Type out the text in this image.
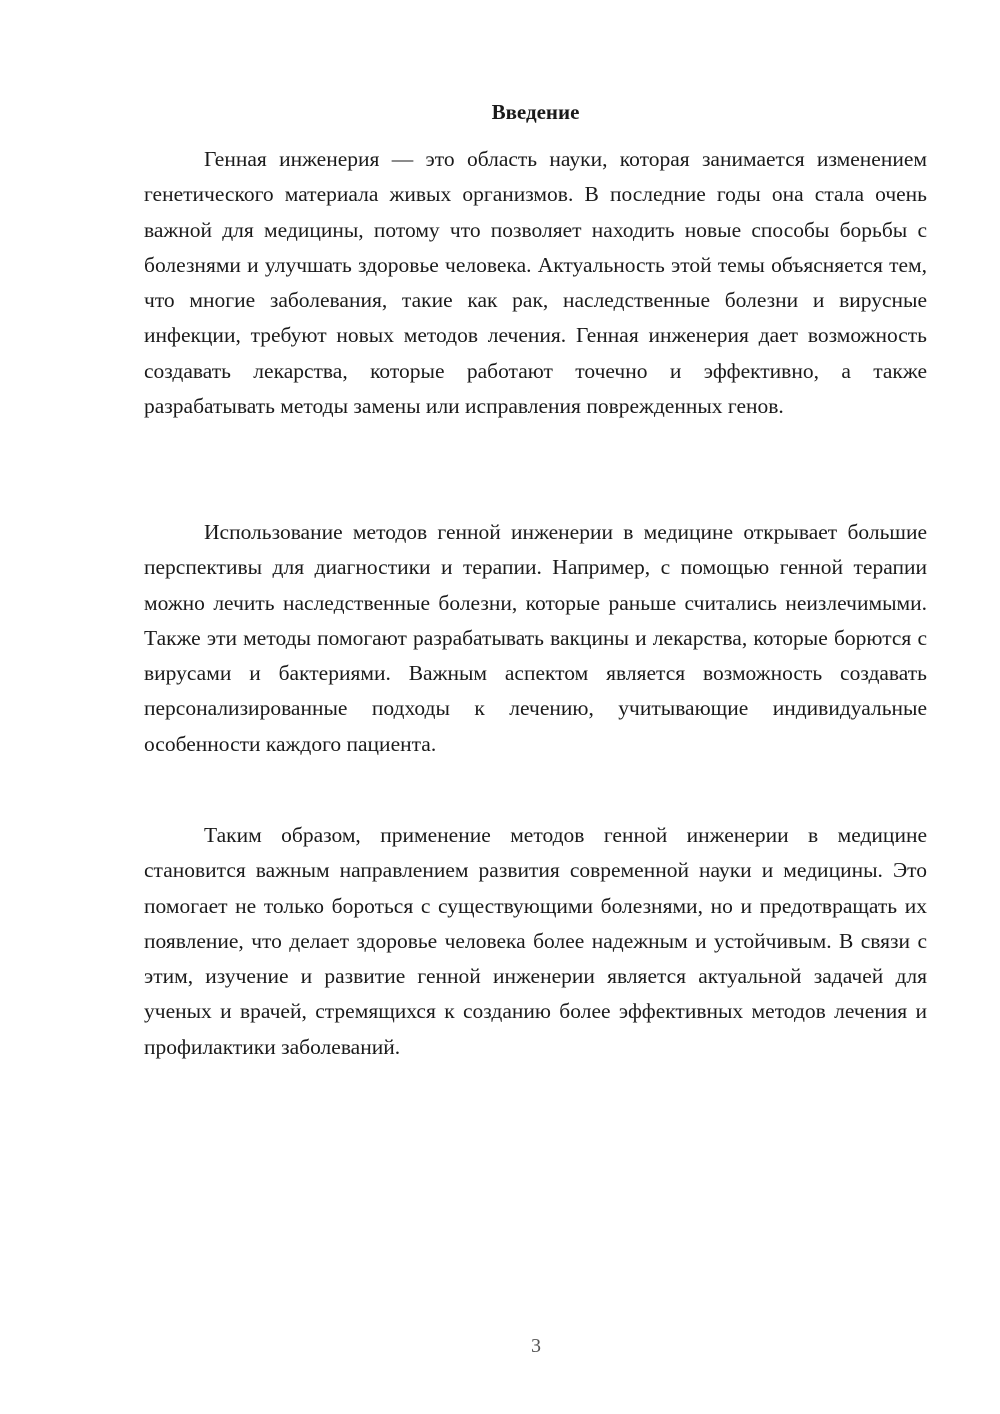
Введение

Генная инженерия — это область науки, которая занимается изменением генетического материала живых организмов. В последние годы она стала очень важной для медицины, потому что позволяет находить новые способы борьбы с болезнями и улучшать здоровье человека. Актуальность этой темы объясняется тем, что многие заболевания, такие как рак, наследственные болезни и вирусные инфекции, требуют новых методов лечения. Генная инженерия дает возможность создавать лекарства, которые работают точечно и эффективно, а также разрабатывать методы замены или исправления поврежденных генов.

Использование методов генной инженерии в медицине открывает большие перспективы для диагностики и терапии. Например, с помощью генной терапии можно лечить наследственные болезни, которые раньше считались неизлечимыми. Также эти методы помогают разрабатывать вакцины и лекарства, которые борются с вирусами и бактериями. Важным аспектом является возможность создавать персонализированные подходы к лечению, учитывающие индивидуальные особенности каждого пациента.

Таким образом, применение методов генной инженерии в медицине становится важным направлением развития современной науки и медицины. Это помогает не только бороться с существующими болезнями, но и предотвращать их появление, что делает здоровье человека более надежным и устойчивым. В связи с этим, изучение и развитие генной инженерии является актуальной задачей для ученых и врачей, стремящихся к созданию более эффективных методов лечения и профилактики заболеваний.

3
